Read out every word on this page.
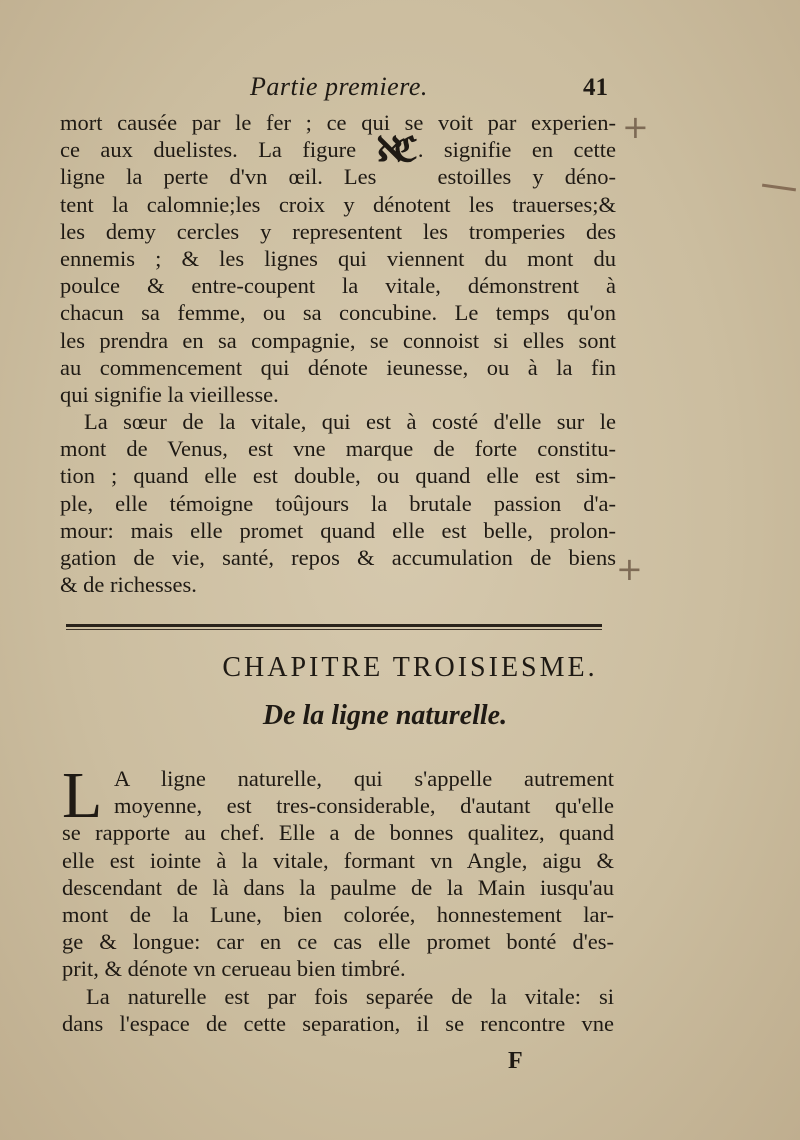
Partie premiere.	41
mort causée par le fer ; ce qui se voit par experien-
ce aux duelistes. La figure ℵℭ . signifie en cette
ligne la perte d'vn œil. Les	estoilles y déno-
tent la calomnie;les croix y dénotent les trauerses;&
les demy cercles y representent les tromperies des
ennemis ; & les lignes qui viennent du mont du
poulce & entre-coupent la vitale, démonstrent à
chacun sa femme, ou sa concubine. Le temps qu'on
les prendra en sa compagnie, se connoist si elles sont
au commencement qui dénote ieunesse, ou à la fin
qui signifie la vieillesse.
La sœur de la vitale, qui est à costé d'elle sur le
mont de Venus, est vne marque de forte constitu-
tion ; quand elle est double, ou quand elle est sim-
ple, elle témoigne toûjours la brutale passion d'a-
mour: mais elle promet quand elle est belle, prolon-
gation de vie, santé, repos & accumulation de biens
& de richesses.
+
+
CHAPITRE TROISIESME.
De la ligne naturelle.
L A ligne naturelle, qui s'appelle autrement
moyenne, est tres-considerable, d'autant qu'elle
se rapporte au chef. Elle a de bonnes qualitez, quand
elle est iointe à la vitale, formant vn Angle, aigu &
descendant de là dans la paulme de la Main iusqu'au
mont de la Lune, bien colorée, honnestement lar-
ge & longue: car en ce cas elle promet bonté d'es-
prit, & dénote vn cerueau bien timbré.
La naturelle est par fois separée de la vitale: si
dans l'espace de cette separation, il se rencontre vne
F
